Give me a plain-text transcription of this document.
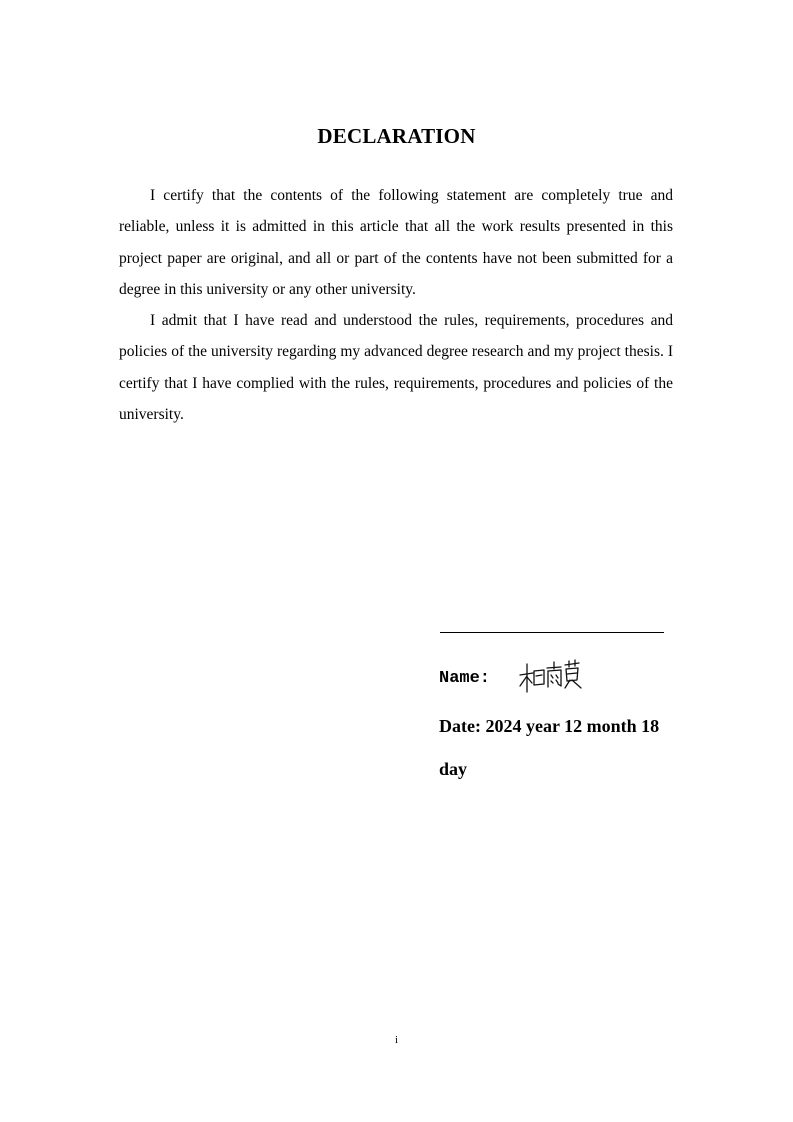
DECLARATION

I certify that the contents of the following statement are completely true and reliable, unless it is admitted in this article that all the work results presented in this project paper are original, and all or part of the contents have not been submitted for a degree in this university or any other university.

I admit that I have read and understood the rules, requirements, procedures and policies of the university regarding my advanced degree research and my project thesis. I certify that I have complied with the rules, requirements, procedures and policies of the university.

Name:
Date: 2024 year 12 month 18 day
i
